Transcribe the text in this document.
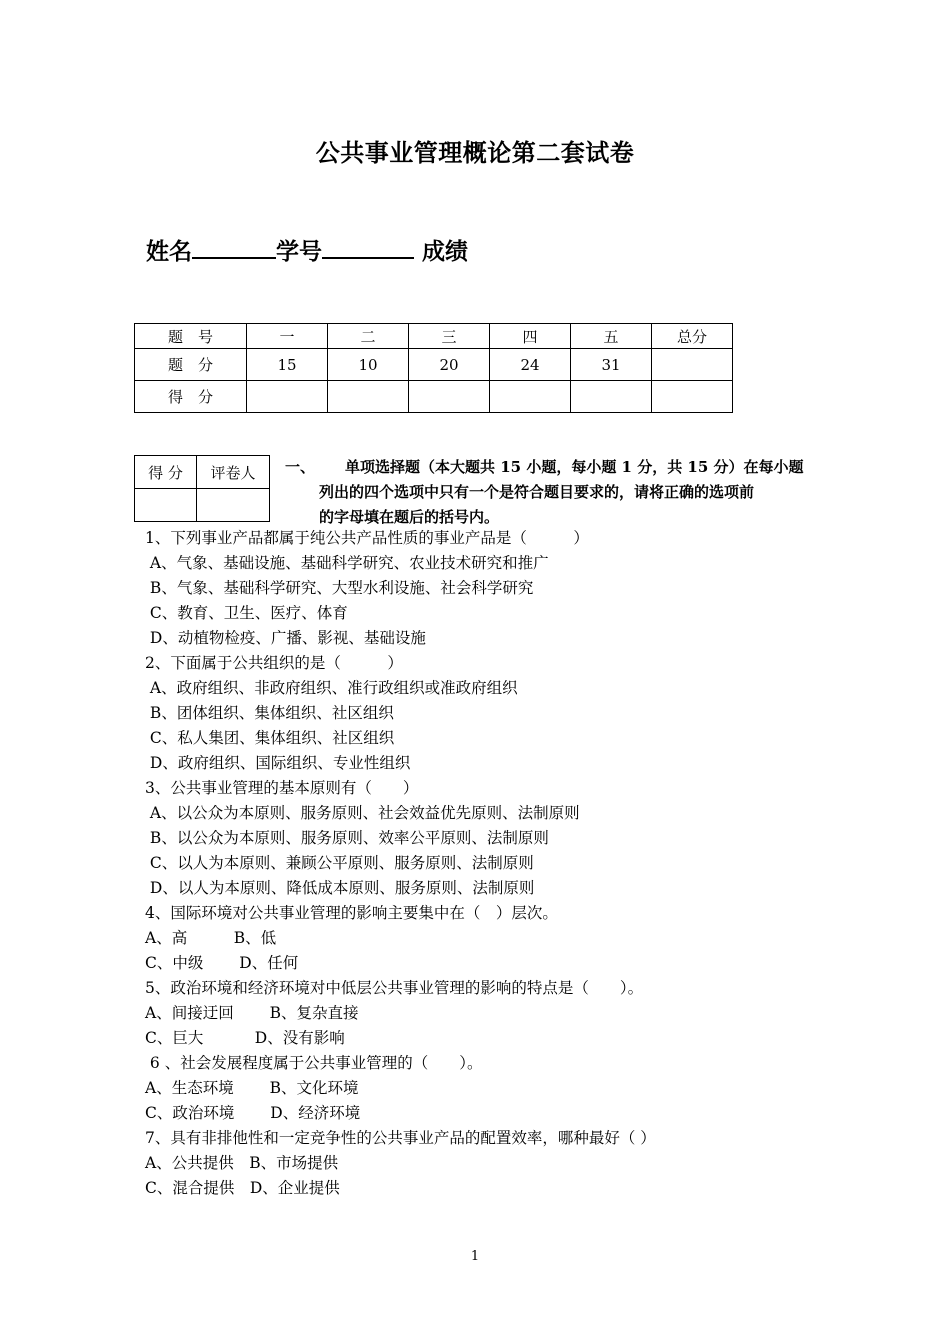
公共事业管理概论第二套试卷
姓名	学号	成绩
题　号	一	二	三	四	五	总分
题　分	15	10	20	24	31	
得　分						
得 分	评卷人
	一、 单项选择题（本大题共 15 小题，每小题 1 分，共 15 分）在每小题
列出的四个选项中只有一个是符合题目要求的，请将正确的选项前
的字母填在题后的括号内。
1、下列事业产品都属于纯公共产品性质的事业产品是（　　　）
A、气象、基础设施、基础科学研究、农业技术研究和推广
B、气象、基础科学研究、大型水利设施、社会科学研究
C、教育、卫生、医疗、体育
D、动植物检疫、广播、影视、基础设施
2、下面属于公共组织的是（　　　）
A、政府组织、非政府组织、准行政组织或准政府组织
B、团体组织、集体组织、社区组织
C、私人集团、集体组织、社区组织
D、政府组织、国际组织、专业性组织
3、公共事业管理的基本原则有（　　）
A、以公众为本原则、服务原则、社会效益优先原则、法制原则
B、以公众为本原则、服务原则、效率公平原则、法制原则
C、以人为本原则、兼顾公平原则、服务原则、法制原则
D、以人为本原则、降低成本原则、服务原则、法制原则
4、国际环境对公共事业管理的影响主要集中在（　）层次。
A、高　　　B、低
C、中级　　 D、任何
5、政治环境和经济环境对中低层公共事业管理的影响的特点是（　　）。
A、间接迂回　　 B、复杂直接
C、巨大　　　 D、没有影响
6 、社会发展程度属于公共事业管理的（　　）。
A、生态环境　　 B、文化环境
C、政治环境　　 D、经济环境
7、具有非排他性和一定竞争性的公共事业产品的配置效率，哪种最好（ ）
A、公共提供　B、市场提供
C、混合提供　D、企业提供
1
